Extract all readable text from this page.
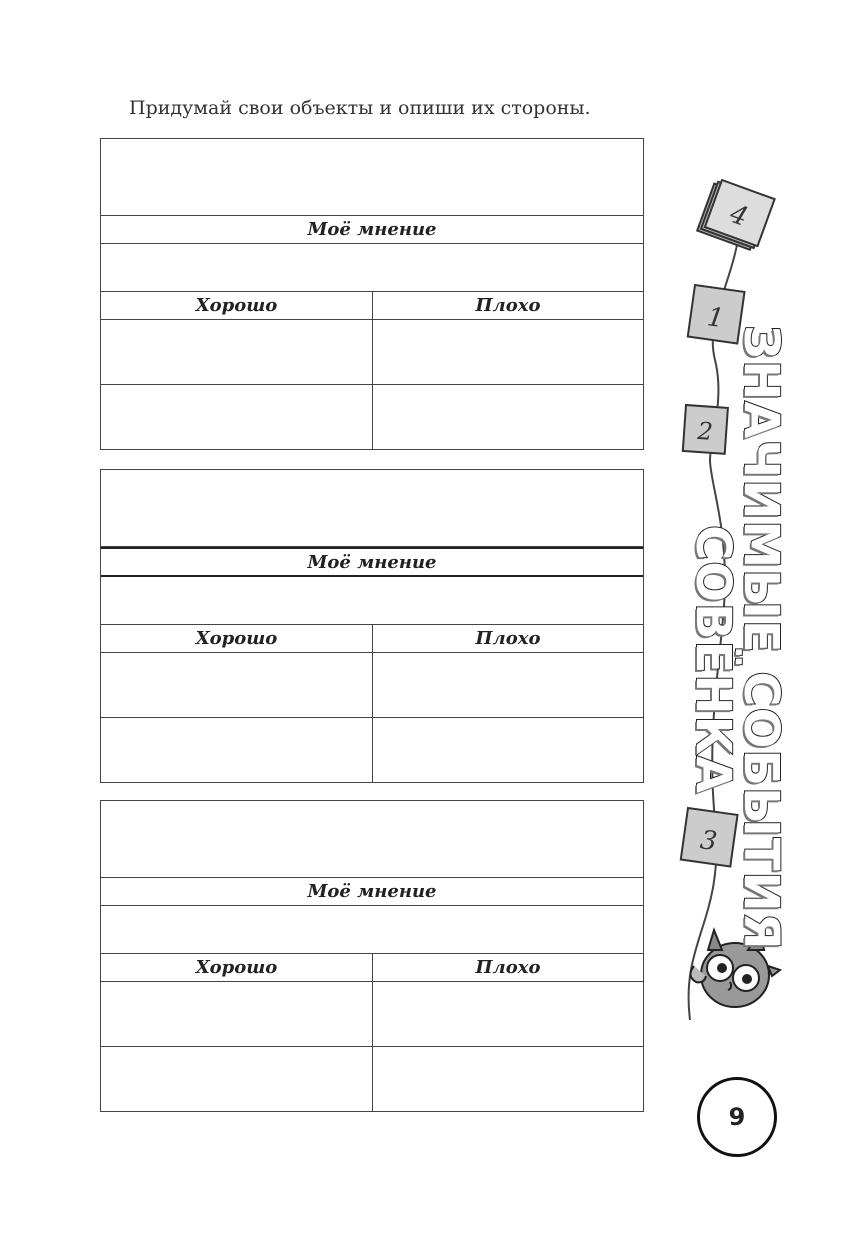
Придумай свои объекты и опиши их стороны.
Моё мнение
Хорошо	Плохо
Моё мнение
Хорошо	Плохо
Моё мнение
Хорошо	Плохо
4
1
2
3 ЗНАЧИМЫЕ СОБЫТИЯ
СОВЁНКА
9
